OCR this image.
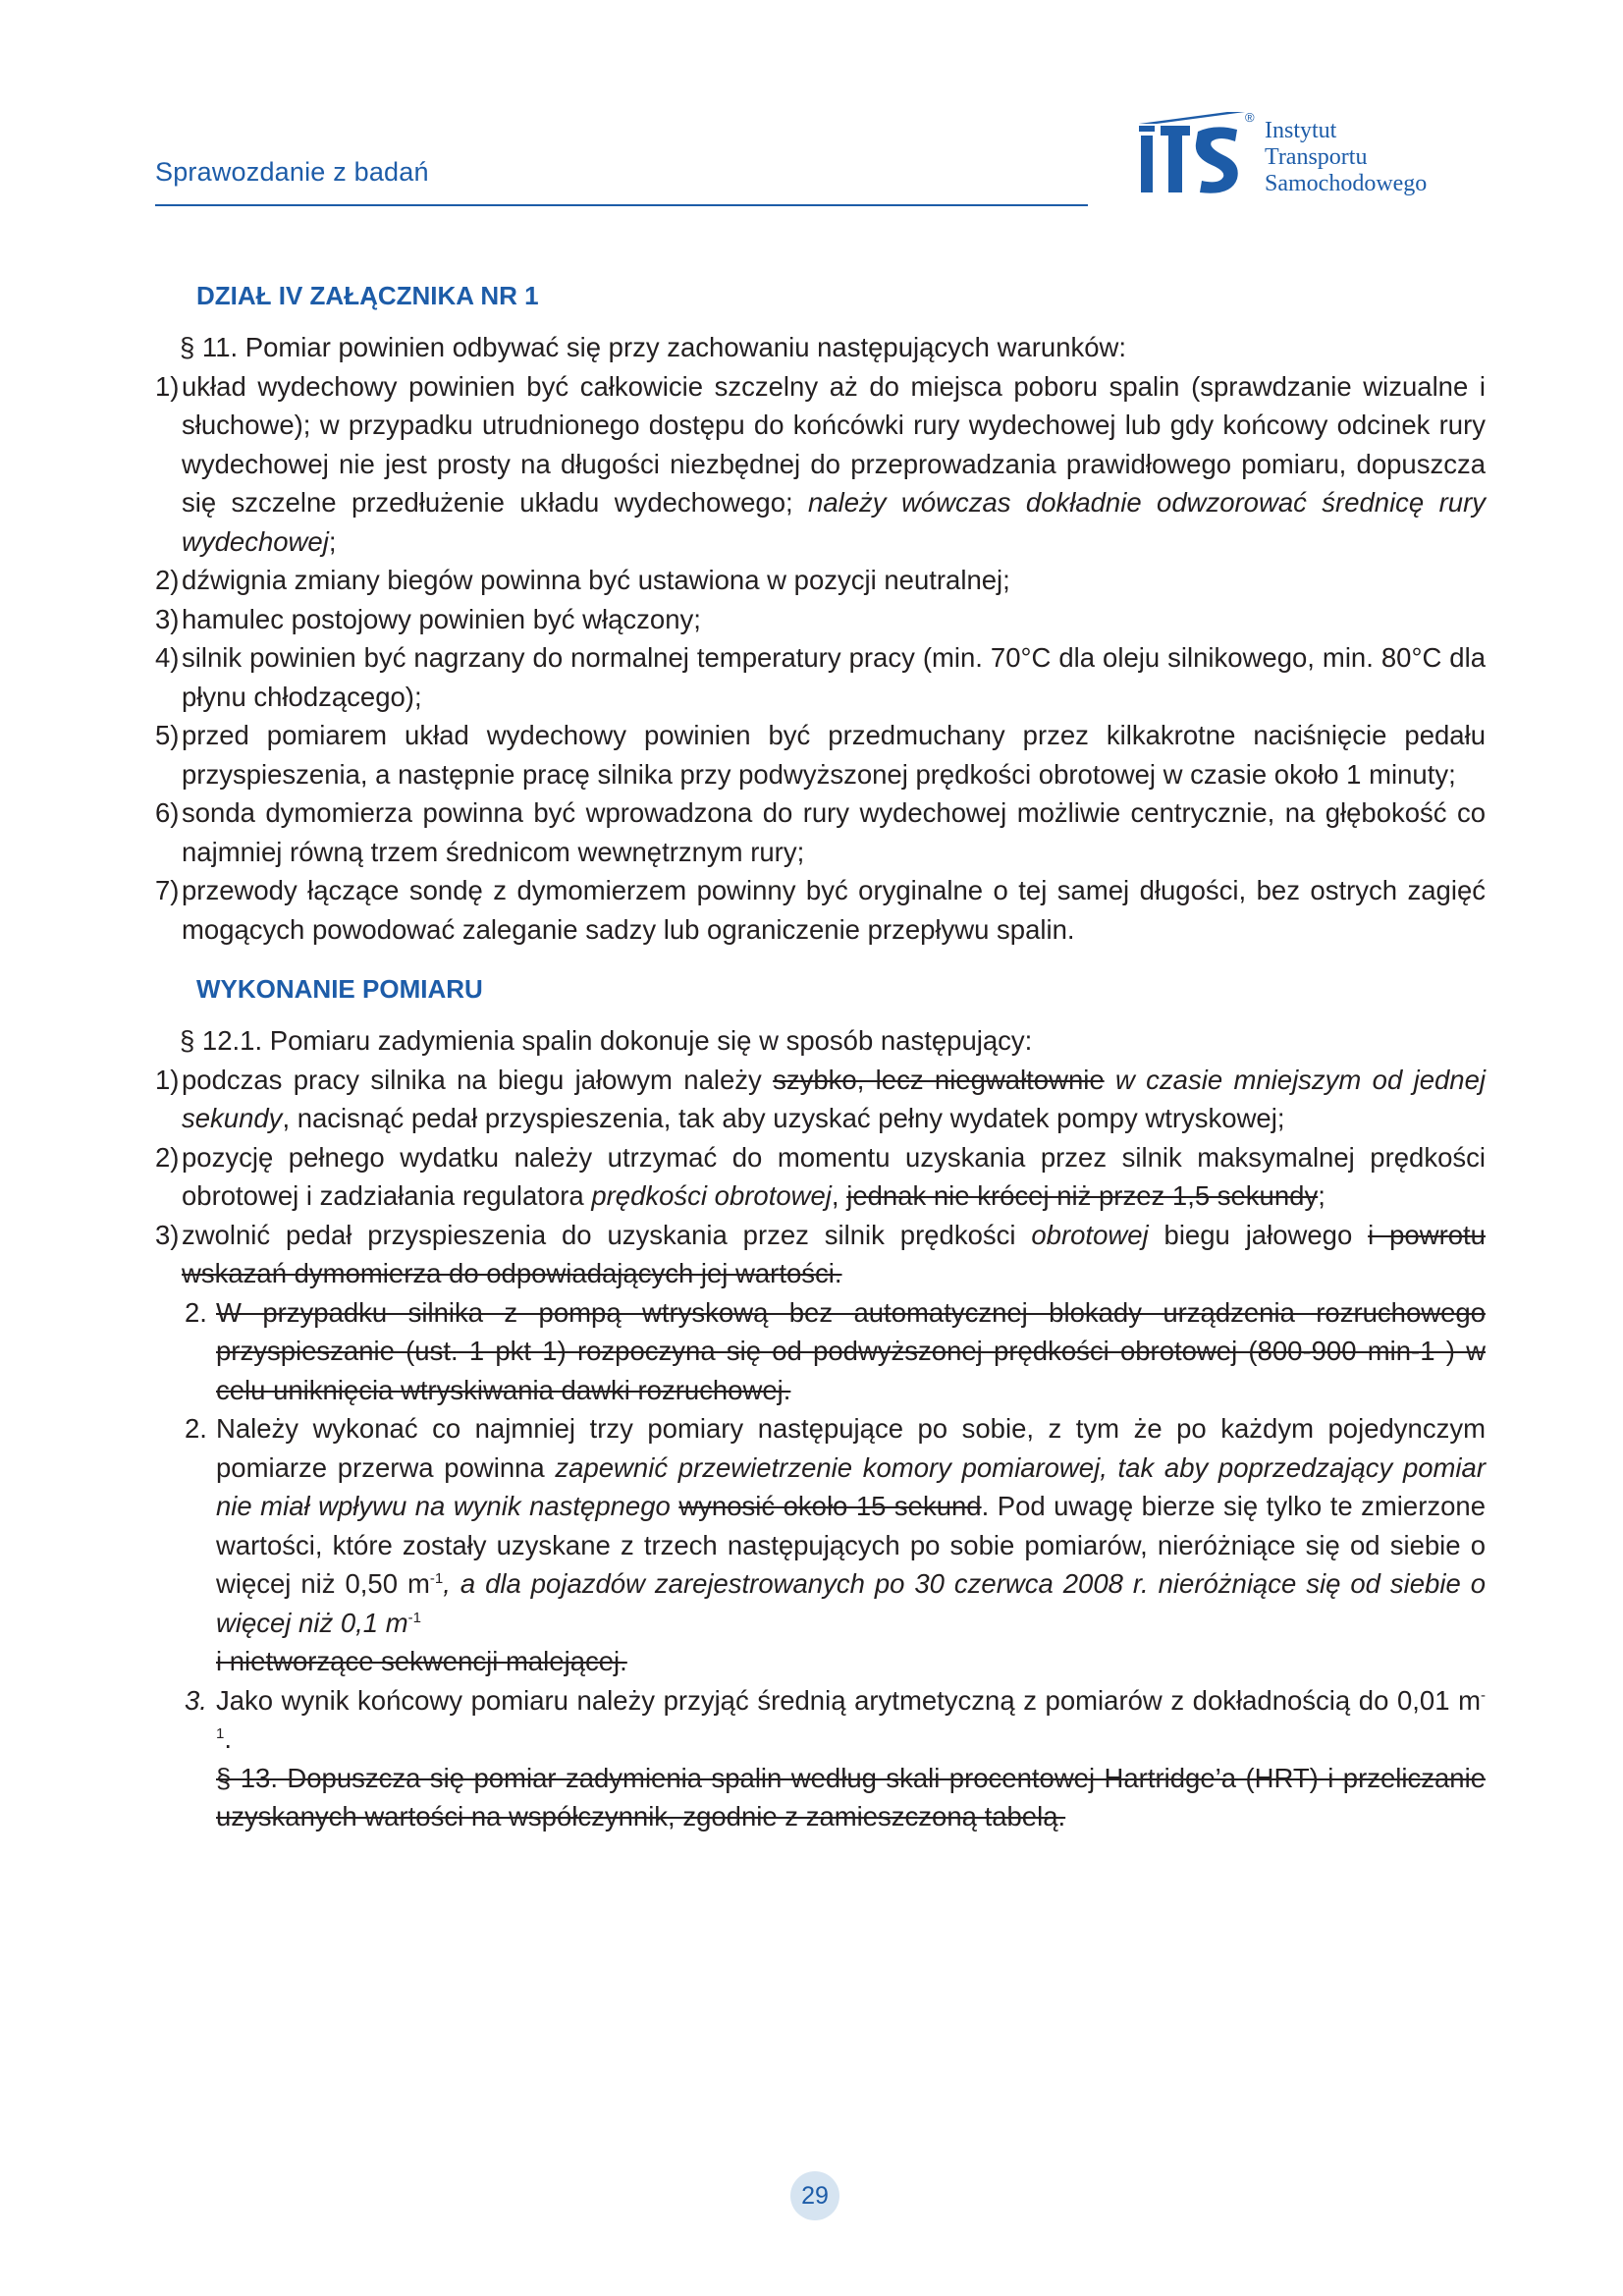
Sprawozdanie z badań
®
Instytut
Transportu
Samochodowego
DZIAŁ IV ZAŁĄCZNIKA NR 1
§ 11. Pomiar powinien odbywać się przy zachowaniu następujących warunków:
1) układ wydechowy powinien być całkowicie szczelny aż do miejsca poboru spalin (sprawdzanie wizualne i słuchowe); w przypadku utrudnionego dostępu do końcówki rury wydechowej lub gdy końcowy odcinek rury wydechowej nie jest prosty na długości niezbędnej do przeprowadzania prawidłowego pomiaru, dopuszcza się szczelne przedłużenie układu wydechowego; należy wówczas dokładnie odwzorować średnicę rury wydechowej;
2) dźwignia zmiany biegów powinna być ustawiona w pozycji neutralnej;
3) hamulec postojowy powinien być włączony;
4) silnik powinien być nagrzany do normalnej temperatury pracy (min. 70°C dla oleju silnikowego, min. 80°C dla płynu chłodzącego);
5) przed pomiarem układ wydechowy powinien być przedmuchany przez kilkakrotne naciśnięcie pedału przyspieszenia, a następnie pracę silnika przy podwyższonej prędkości obrotowej w czasie około 1 minuty;
6) sonda dymomierza powinna być wprowadzona do rury wydechowej możliwie centrycznie, na głębokość co najmniej równą trzem średnicom wewnętrznym rury;
7) przewody łączące sondę z dymomierzem powinny być oryginalne o tej samej długości, bez ostrych zagięć mogących powodować zaleganie sadzy lub ograniczenie przepływu spalin.
WYKONANIE POMIARU
§ 12.1. Pomiaru zadymienia spalin dokonuje się w sposób następujący:
1) podczas pracy silnika na biegu jałowym należy szybko, lecz niegwałtownie w czasie mniejszym od jednej sekundy, nacisnąć pedał przyspieszenia, tak aby uzyskać pełny wydatek pompy wtryskowej;
2) pozycję pełnego wydatku należy utrzymać do momentu uzyskania przez silnik maksymalnej prędkości obrotowej i zadziałania regulatora prędkości obrotowej, jednak nie krócej niż przez 1,5 sekundy;
3) zwolnić pedał przyspieszenia do uzyskania przez silnik prędkości obrotowej biegu jałowego i powrotu wskazań dymomierza do odpowiadających jej wartości.
2. W przypadku silnika z pompą wtryskową bez automatycznej blokady urządzenia rozruchowego przyspieszanie (ust. 1 pkt 1) rozpoczyna się od podwyższonej prędkości obrotowej (800-900 min-1 ) w celu uniknięcia wtryskiwania dawki rozruchowej.
2. Należy wykonać co najmniej trzy pomiary następujące po sobie, z tym że po każdym pojedynczym pomiarze przerwa powinna zapewnić przewietrzenie komory pomiarowej, tak aby poprzedzający pomiar nie miał wpływu na wynik następnego wynosić około 15 sekund. Pod uwagę bierze się tylko te zmierzone wartości, które zostały uzyskane z trzech następujących po sobie pomiarów, nieróżniące się od siebie o więcej niż 0,50 $m^{-1}$, a dla pojazdów zarejestrowanych po 30 czerwca 2008 r. nieróżniące się od siebie o więcej niż 0,1 $m^{-1}$
i nietworzące sekwencji malejącej.
3. Jako wynik końcowy pomiaru należy przyjąć średnią arytmetyczną z pomiarów z dokładnością do 0,01 $m^{-1}$.
§ 13. Dopuszcza się pomiar zadymienia spalin według skali procentowej Hartridge’a (HRT) i przeliczanie uzyskanych wartości na współczynnik, zgodnie z zamieszczoną tabelą.
29
